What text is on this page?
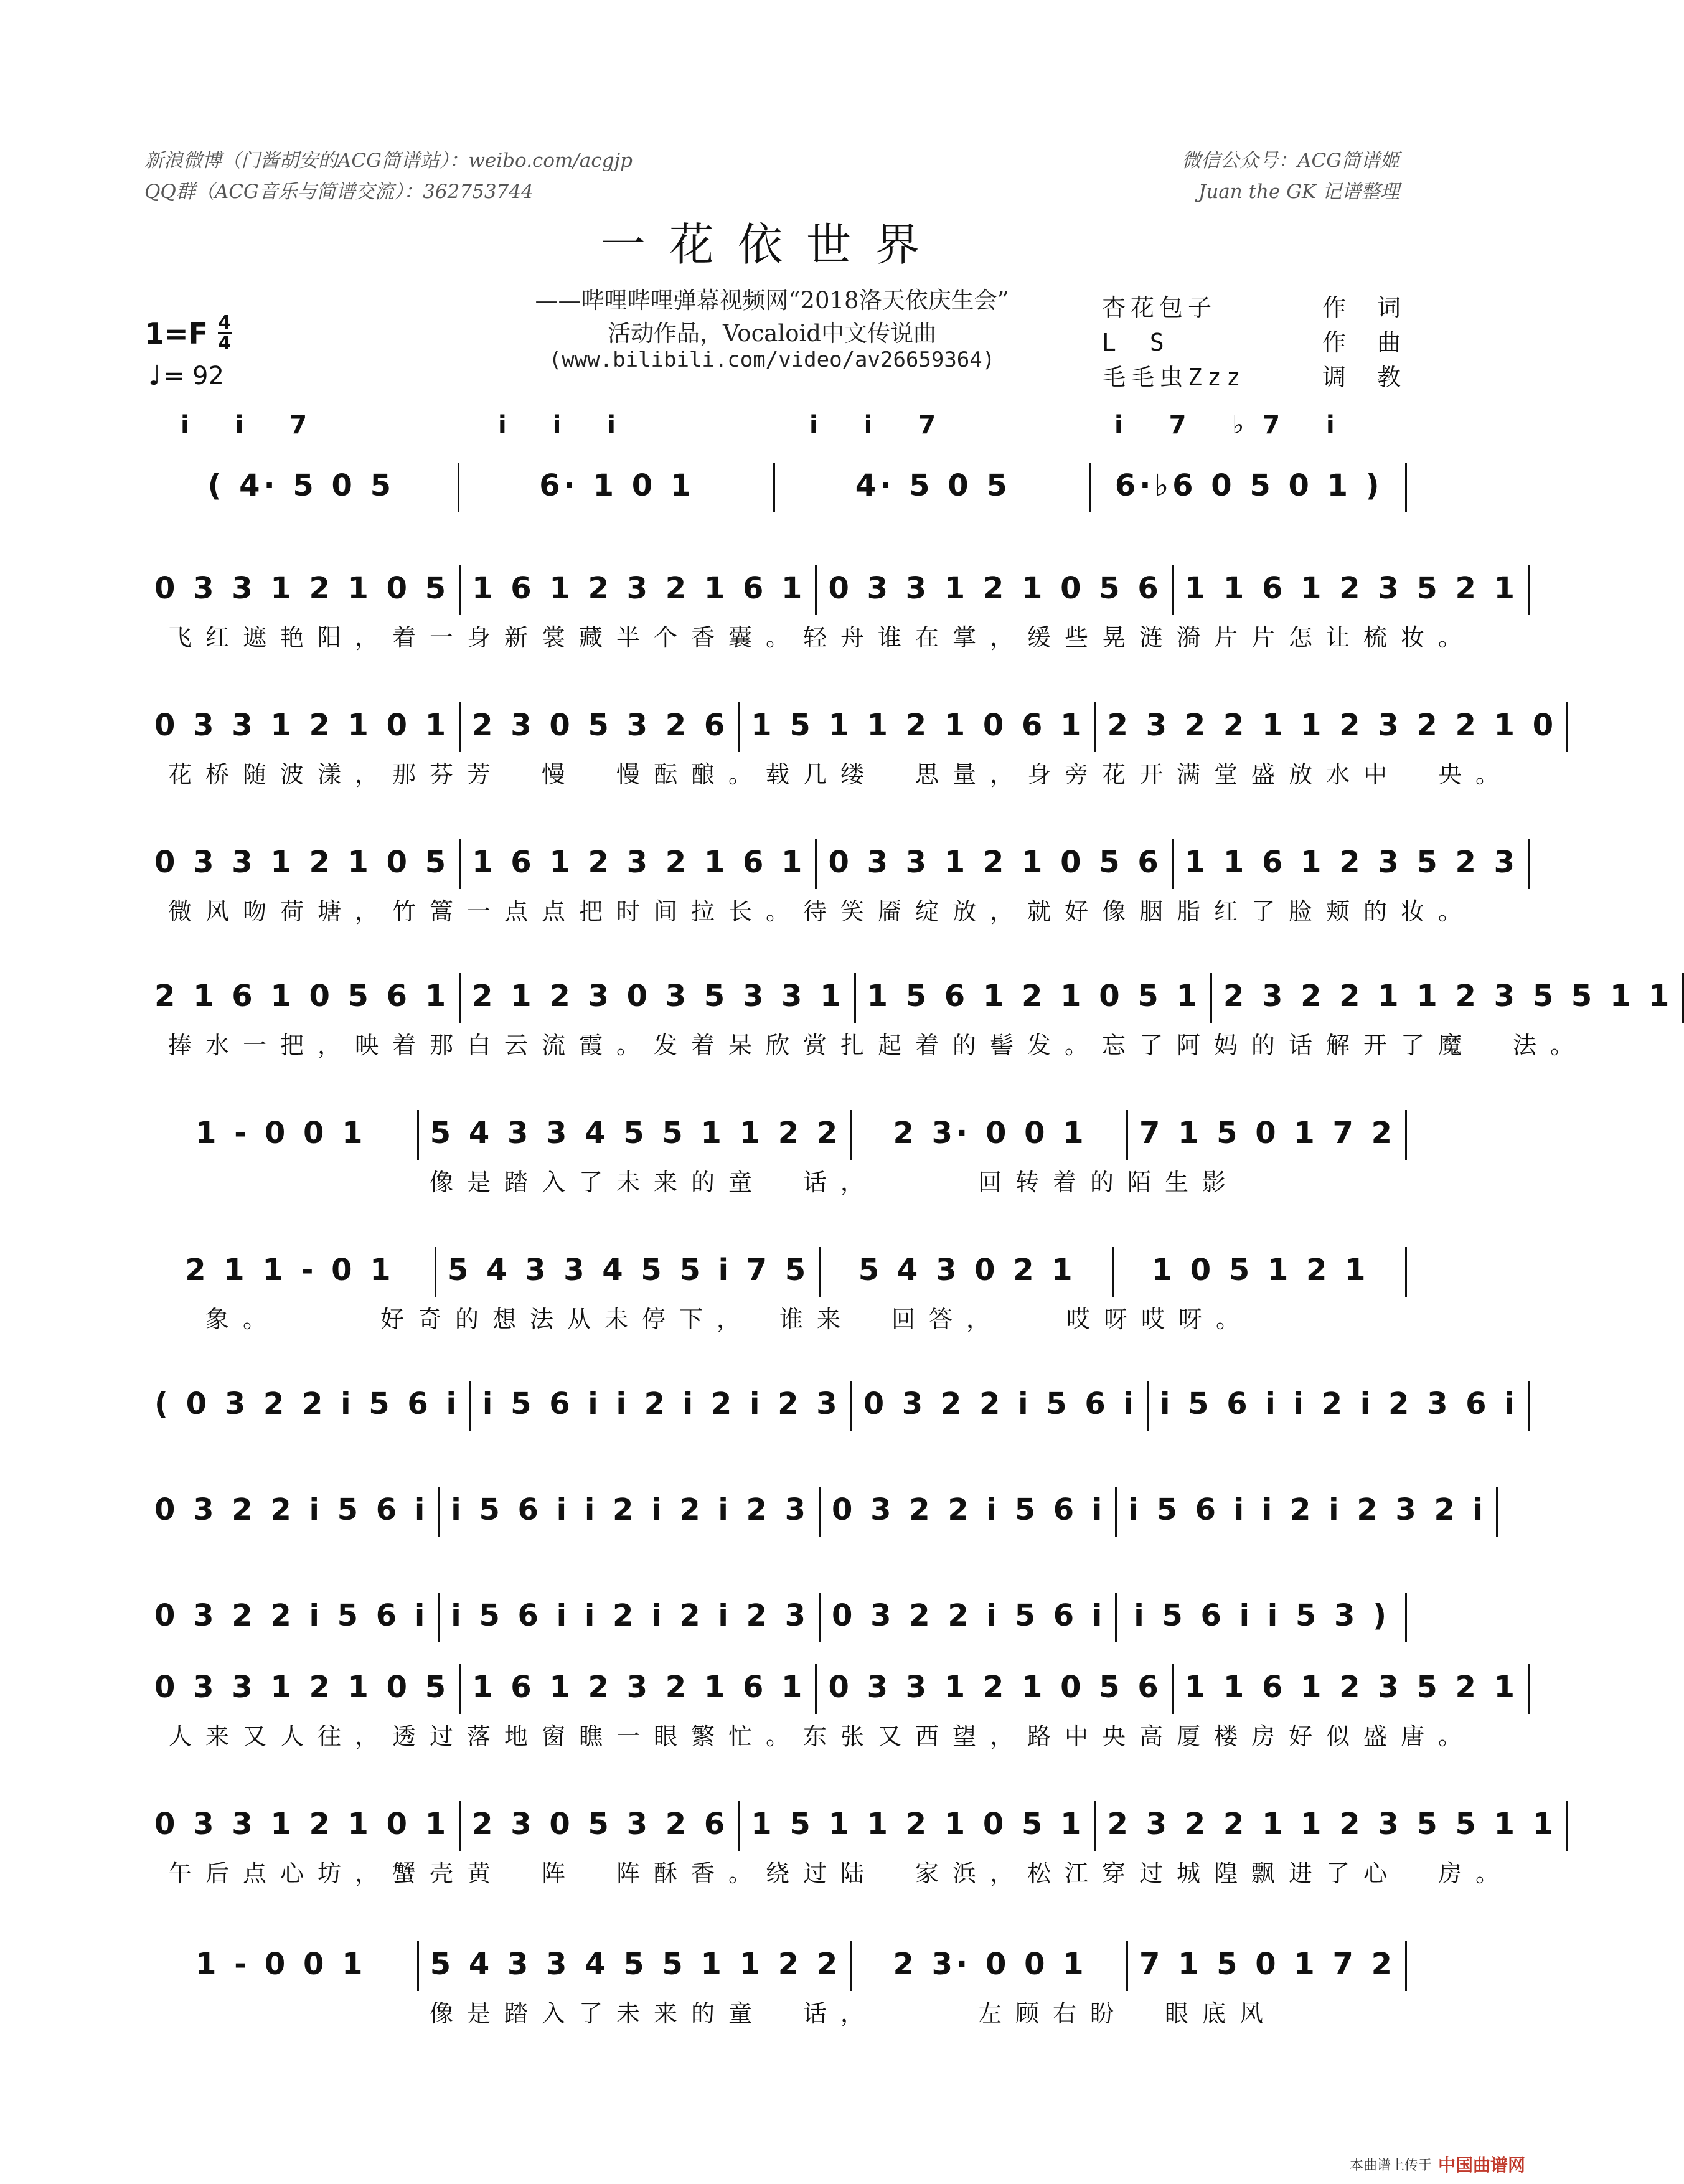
新浪微博（门酱胡安的ACG简谱站）：weibo.com/acgjp
QQ群（ACG音乐与简谱交流）：362753744
微信公众号：ACG简谱姬
Juan the GK 记谱整理
一花依世界
——哔哩哔哩弹幕视频网“2018洛天依庆生会”
活动作品，Vocaloid中文传说曲
(www.bilibili.com/video/av26659364)
杏花包子	作词
L　S	作曲
毛毛虫Zzz	调教
1=F 4
4
♩ = 92
i i 7	i i i	i i 7	i 7 ♭7 i
( 4· 5 0 5	6· 1 0 1	4· 5 0 5	6·♭6 0 5 0 1 )
0 3 3 1 2 1 0 5 1 6 1 2 3 2 1 6 1 0 3 3 1 2 1 0 5 6 1 1 6 1 2 3 5 2 1
飞红遮艳阳，着一身新裳藏半个香囊。轻舟谁在掌，缓些晃涟漪片片怎让梳妆。
0 3 3 1 2 1 0 1 2 3 0 5 3 2 6 1 5 1 1 2 1 0 6 1 2 3 2 2 1 1 2 3 2 2 1 0
花桥随波漾，那芬芳　慢　慢酝酿。载几缕　思量，身旁花开满堂盛放水中　央。
0 3 3 1 2 1 0 5 1 6 1 2 3 2 1 6 1 0 3 3 1 2 1 0 5 6 1 1 6 1 2 3 5 2 3
微风吻荷塘，竹篙一点点把时间拉长。待笑靥绽放，就好像胭脂红了脸颊的妆。
2 1 6 1 0 5 6 1 2 1 2 3 0 3 5 3 3 1 1 5 6 1 2 1 0 5 1 2 3 2 2 1 1 2 3 5 5 1 1
捧水一把，映着那白云流霞。发着呆欣赏扎起着的髻发。忘了阿妈的话解开了魔　法。
1 - 0 0 1 5 4 3 3 4 5 5 1 1 2 2 2 3· 0 0 1 7 1 5 0 1 7 2
　　　　　　　像是踏入了未来的童　话，　　　回转着的陌生影
2 1 1 - 0 1 5 4 3 3 4 5 5 i 7 5 5 4 3 0 2 1	1 0 5 1 2 1
　象。　　　好奇的想法从未停下，　谁来　回答，　　哎呀哎呀。
( 0 3 2 2 i 5 6 i i 5 6 i i 2 i 2 i 2 3 0 3 2 2 i 5 6 i i 5 6 i i 2 i 2 3 6 i
0 3 2 2 i 5 6 i i 5 6 i i 2 i 2 i 2 3 0 3 2 2 i 5 6 i i 5 6 i i 2 i 2 3 2 i
0 3 2 2 i 5 6 i i 5 6 i i 2 i 2 i 2 3 0 3 2 2 i 5 6 i i 5 6 i i 5 3 )
0 3 3 1 2 1 0 5 1 6 1 2 3 2 1 6 1 0 3 3 1 2 1 0 5 6 1 1 6 1 2 3 5 2 1
人来又人往，透过落地窗瞧一眼繁忙。东张又西望，路中央高厦楼房好似盛唐。
0 3 3 1 2 1 0 1 2 3 0 5 3 2 6 1 5 1 1 2 1 0 5 1 2 3 2 2 1 1 2 3 5 5 1 1
午后点心坊，蟹壳黄　阵　阵酥香。绕过陆　家浜，松江穿过城隍飘进了心　房。
1 - 0 0 1 5 4 3 3 4 5 5 1 1 2 2 2 3· 0 0 1 7 1 5 0 1 7 2
　　　　　　　像是踏入了未来的童　话，　　　左顾右盼　眼底风
本曲谱上传于 中国曲谱网
